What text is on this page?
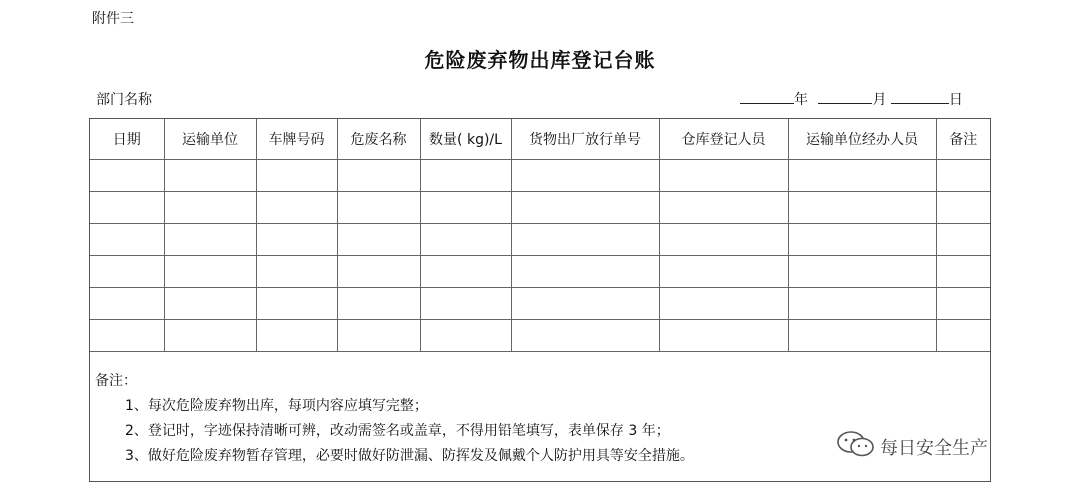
附件三
危险废弃物出库登记台账
部门名称	年	月	日
日期	运输单位	车牌号码	危废名称	数量( kg)/L	货物出厂放行单号	仓库登记人员	运输单位经办人员	备注

备注：
1、每次危险废弃物出库，每项内容应填写完整；
2、登记时，字迹保持清晰可辨，改动需签名或盖章，不得用铅笔填写，表单保存 3 年；
3、做好危险废弃物暂存管理，必要时做好防泄漏、防挥发及佩戴个人防护用具等安全措施。	每日安全生产
